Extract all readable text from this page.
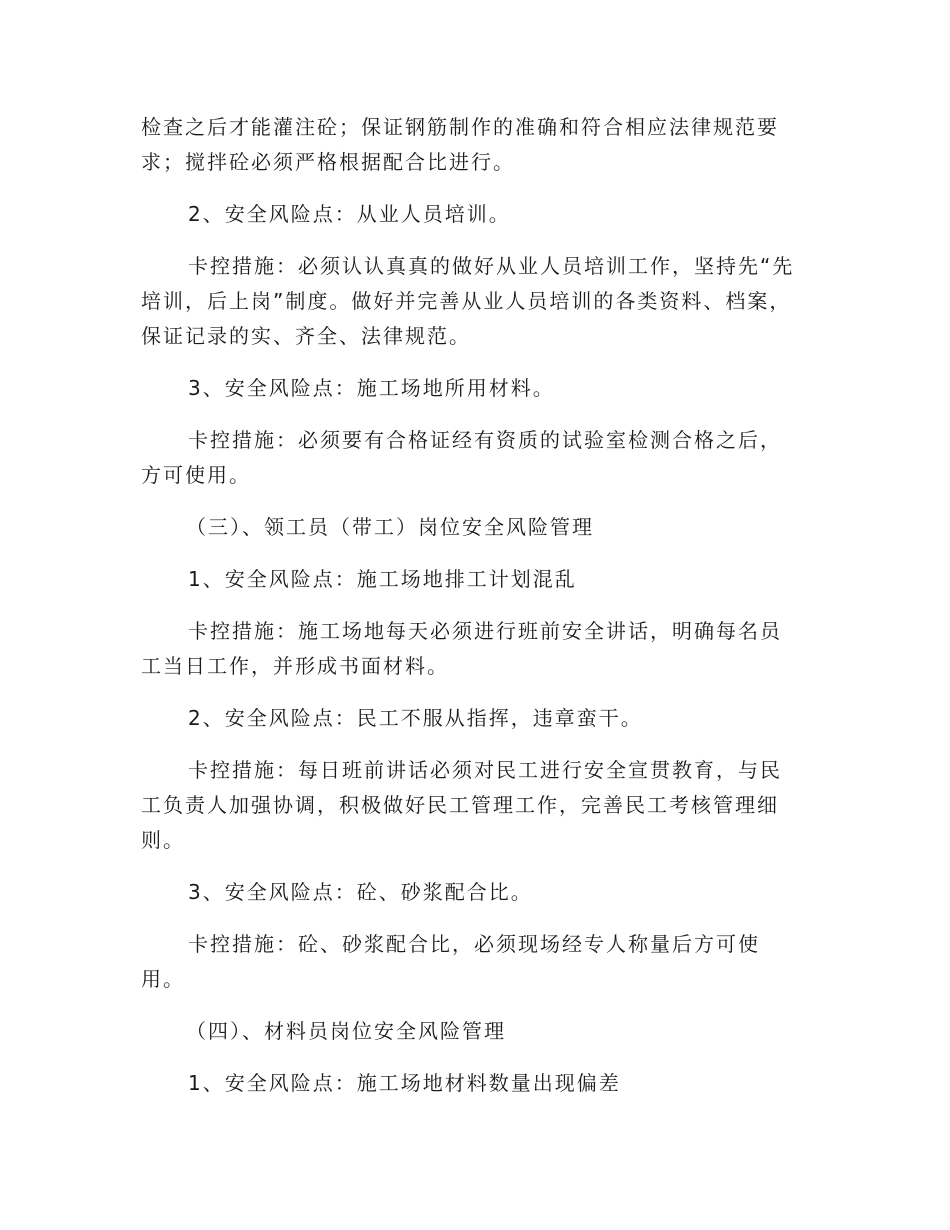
检查之后才能灌注砼；保证钢筋制作的准确和符合相应法律规范要求；搅拌砼必须严格根据配合比进行。

2、安全风险点：从业人员培训。

卡控措施：必须认认真真的做好从业人员培训工作，坚持先“先培训，后上岗”制度。做好并完善从业人员培训的各类资料、档案，保证记录的实、齐全、法律规范。

3、安全风险点：施工场地所用材料。

卡控措施：必须要有合格证经有资质的试验室检测合格之后，方可使用。

（三）、领工员（带工）岗位安全风险管理

1、安全风险点：施工场地排工计划混乱

卡控措施：施工场地每天必须进行班前安全讲话，明确每名员工当日工作，并形成书面材料。

2、安全风险点：民工不服从指挥，违章蛮干。

卡控措施：每日班前讲话必须对民工进行安全宣贯教育，与民工负责人加强协调，积极做好民工管理工作，完善民工考核管理细则。

3、安全风险点：砼、砂浆配合比。

卡控措施：砼、砂浆配合比，必须现场经专人称量后方可使用。

（四）、材料员岗位安全风险管理

1、安全风险点：施工场地材料数量出现偏差
